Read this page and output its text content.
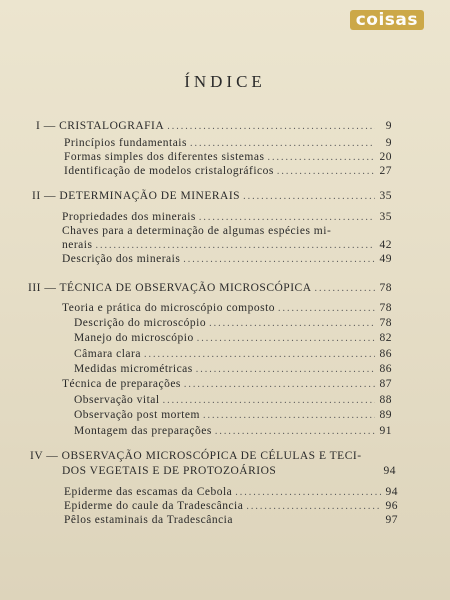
coisas
ÍNDICE
I — CRISTALOGRAFIA .....	9
Princípios fundamentais .....	9
Formas simples dos diferentes sistemas .....	20
Identificação de modelos cristalográficos .....	27
II — DETERMINAÇÃO DE MINERAIS .....	35
Propriedades dos minerais .....	35
Chaves para a determinação de algumas espécies mi-
nerais .....	42
Descrição dos minerais .....	49
III — TÉCNICA DE OBSERVAÇÃO MICROSCÓPICA .....	78
Teoria e prática do microscópio composto .....	78
Descrição do microscópio .....	78
Manejo do microscópio .....	82
Câmara clara .....	86
Medidas micrométricas .....	86
Técnica de preparações .....	87
Observação vital .....	88
Observação post mortem .....	89
Montagem das preparações .....	91
IV — OBSERVAÇÃO MICROSCÓPICA DE CÉLULAS E TECI-
DOS VEGETAIS E DE PROTOZOÁRIOS	94
Epiderme das escamas da Cebola .....	94
Epiderme do caule da Tradescância .....	96
Pêlos estaminais da Tradescância	97
